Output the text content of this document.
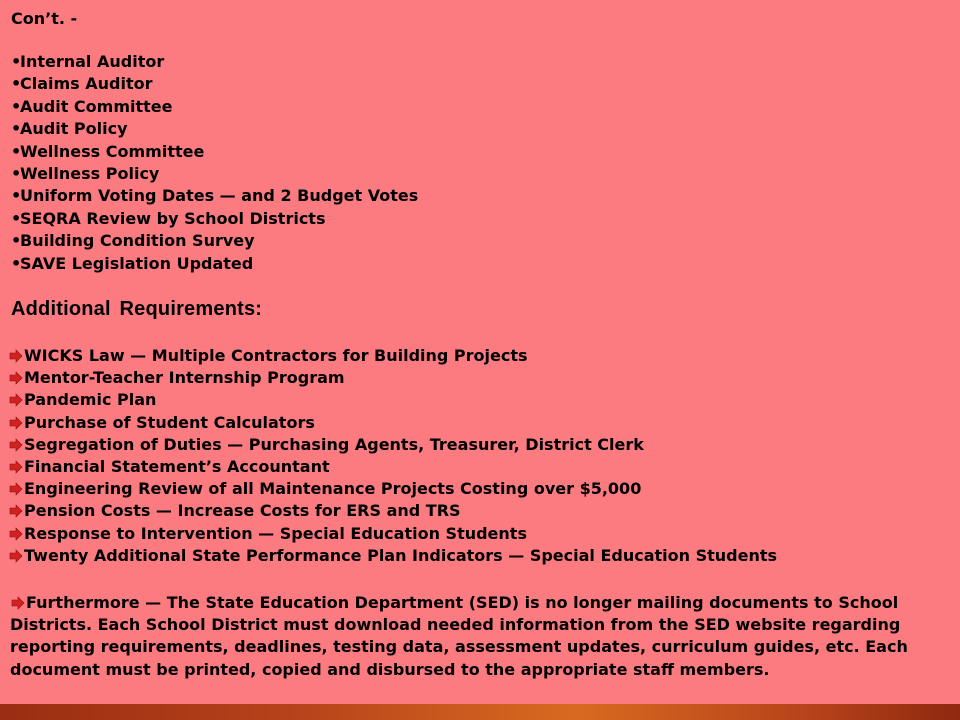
Con’t. -
•Internal Auditor
•Claims Auditor
•Audit Committee
•Audit Policy
•Wellness Committee
•Wellness Policy
•Uniform Voting Dates — and 2 Budget Votes
•SEQRA Review by School Districts
•Building Condition Survey
•SAVE Legislation Updated
Additional Requirements:
WICKS Law — Multiple Contractors for Building Projects
Mentor-Teacher Internship Program
Pandemic Plan
Purchase of Student Calculators
Segregation of Duties — Purchasing Agents, Treasurer, District Clerk
Financial Statement’s Accountant
Engineering Review of all Maintenance Projects Costing over $5,000
Pension Costs — Increase Costs for ERS and TRS
Response to Intervention — Special Education Students
Twenty Additional State Performance Plan Indicators — Special Education Students

Furthermore — The State Education Department (SED) is no longer mailing documents to School Districts. Each School District must download needed information from the SED website regarding reporting requirements, deadlines, testing data, assessment updates, curriculum guides, etc. Each document must be printed, copied and disbursed to the appropriate staff members.
